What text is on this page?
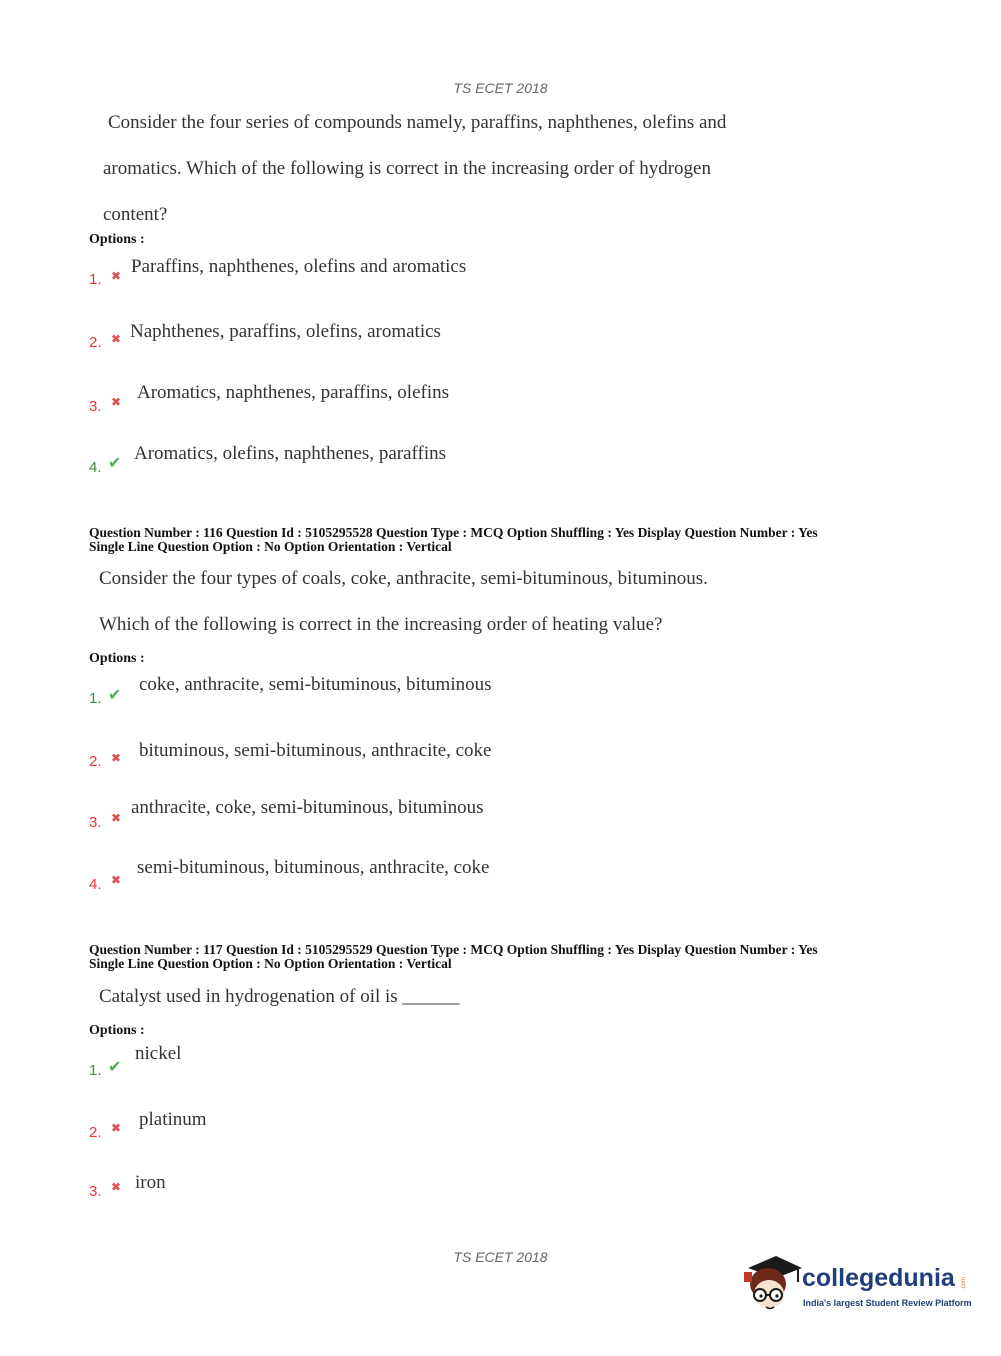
TS ECET 2018
Consider the four series of compounds namely, paraffins, naphthenes, olefins and
aromatics. Which of the following is correct in the increasing order of hydrogen
content?
Options :
1. ✖ Paraffins, naphthenes, olefins and aromatics
2. ✖ Naphthenes, paraffins, olefins, aromatics
3. ✖ Aromatics, naphthenes, paraffins, olefins
4. ✔ Aromatics, olefins, naphthenes, paraffins
Question Number : 116 Question Id : 5105295528 Question Type : MCQ Option Shuffling : Yes Display Question Number : Yes
Single Line Question Option : No Option Orientation : Vertical
Consider the four types of coals, coke, anthracite, semi-bituminous, bituminous.
Which of the following is correct in the increasing order of heating value?
Options :
1. ✔ coke, anthracite, semi-bituminous, bituminous
2. ✖ bituminous, semi-bituminous, anthracite, coke
3. ✖ anthracite, coke, semi-bituminous, bituminous
4. ✖
semi-bituminous, bituminous, anthracite, coke
Question Number : 117 Question Id : 5105295529 Question Type : MCQ Option Shuffling : Yes Display Question Number : Yes
Single Line Question Option : No Option Orientation : Vertical
Catalyst used in hydrogenation of oil is ______
Options :
1. ✔
nickel
2. ✖ platinum
3. ✖ iron
TS ECET 2018
collegedunia .com
India's largest Student Review Platform
